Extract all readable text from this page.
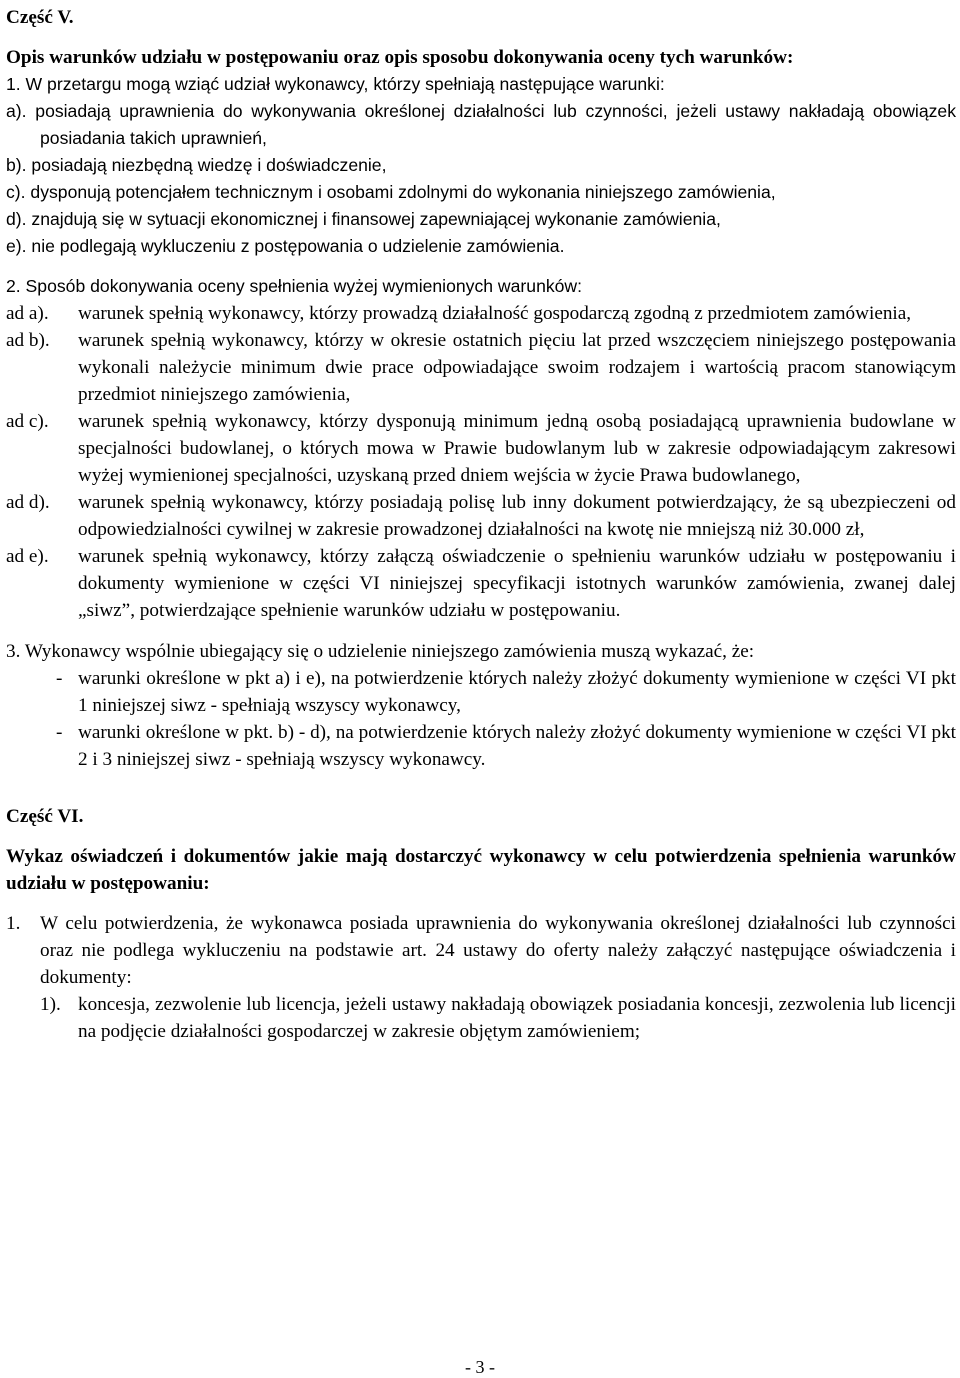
Część V.

Opis warunków udziału w postępowaniu oraz opis sposobu dokonywania oceny tych warunków:

1. W przetargu mogą wziąć udział wykonawcy, którzy spełniają następujące warunki:

a). posiadają uprawnienia do wykonywania określonej działalności lub czynności, jeżeli ustawy nakładają obowiązek posiadania takich uprawnień,

b). posiadają niezbędną wiedzę i doświadczenie,

c). dysponują potencjałem technicznym i osobami zdolnymi do wykonania niniejszego zamówienia,

d). znajdują się w sytuacji ekonomicznej i finansowej zapewniającej wykonanie zamówienia,

e). nie podlegają wykluczeniu z postępowania o udzielenie zamówienia.

2. Sposób dokonywania oceny spełnienia wyżej wymienionych warunków:

ad a).	warunek spełnią wykonawcy, którzy prowadzą działalność gospodarczą zgodną z przedmiotem zamówienia,
ad b).	warunek spełnią wykonawcy, którzy w okresie ostatnich pięciu lat przed wszczęciem niniejszego postępowania wykonali należycie minimum dwie prace odpowiadające swoim rodzajem i wartością pracom stanowiącym przedmiot niniejszego zamówienia,
ad c).	warunek spełnią wykonawcy, którzy dysponują minimum jedną osobą posiadającą uprawnienia budowlane w specjalności budowlanej, o których mowa w Prawie budowlanym lub w zakresie odpowiadającym zakresowi wyżej wymienionej specjalności, uzyskaną przed dniem wejścia w życie Prawa budowlanego,
ad d).	warunek spełnią wykonawcy, którzy posiadają polisę lub inny dokument potwierdzający, że są ubezpieczeni od odpowiedzialności cywilnej w zakresie prowadzonej działalności na kwotę nie mniejszą niż 30.000 zł,
ad e).	warunek spełnią wykonawcy, którzy załączą oświadczenie o spełnieniu warunków udziału w postępowaniu i dokumenty wymienione w części VI niniejszej specyfikacji istotnych warunków zamówienia, zwanej dalej „siwz”, potwierdzające spełnienie warunków udziału w postępowaniu.

3. Wykonawcy wspólnie ubiegający się o udzielenie niniejszego zamówienia muszą wykazać, że:

- warunki określone w pkt a) i e), na potwierdzenie których należy złożyć dokumenty wymienione w części VI pkt 1 niniejszej siwz - spełniają wszyscy wykonawcy,
- warunki określone w pkt. b) - d), na potwierdzenie których należy złożyć dokumenty wymienione w części VI pkt 2 i 3 niniejszej siwz - spełniają wszyscy wykonawcy.

Część VI.

Wykaz oświadczeń i dokumentów jakie mają dostarczyć wykonawcy w celu potwierdzenia spełnienia warunków udziału w postępowaniu:

1.	W celu potwierdzenia, że wykonawca posiada uprawnienia do wykonywania określonej działalności lub czynności oraz nie podlega wykluczeniu na podstawie art. 24 ustawy do oferty należy załączyć następujące oświadczenia i dokumenty:
1). koncesja, zezwolenie lub licencja, jeżeli ustawy nakładają obowiązek posiadania koncesji, zezwolenia lub licencji na podjęcie działalności gospodarczej w zakresie objętym zamówieniem;
- 3 -
